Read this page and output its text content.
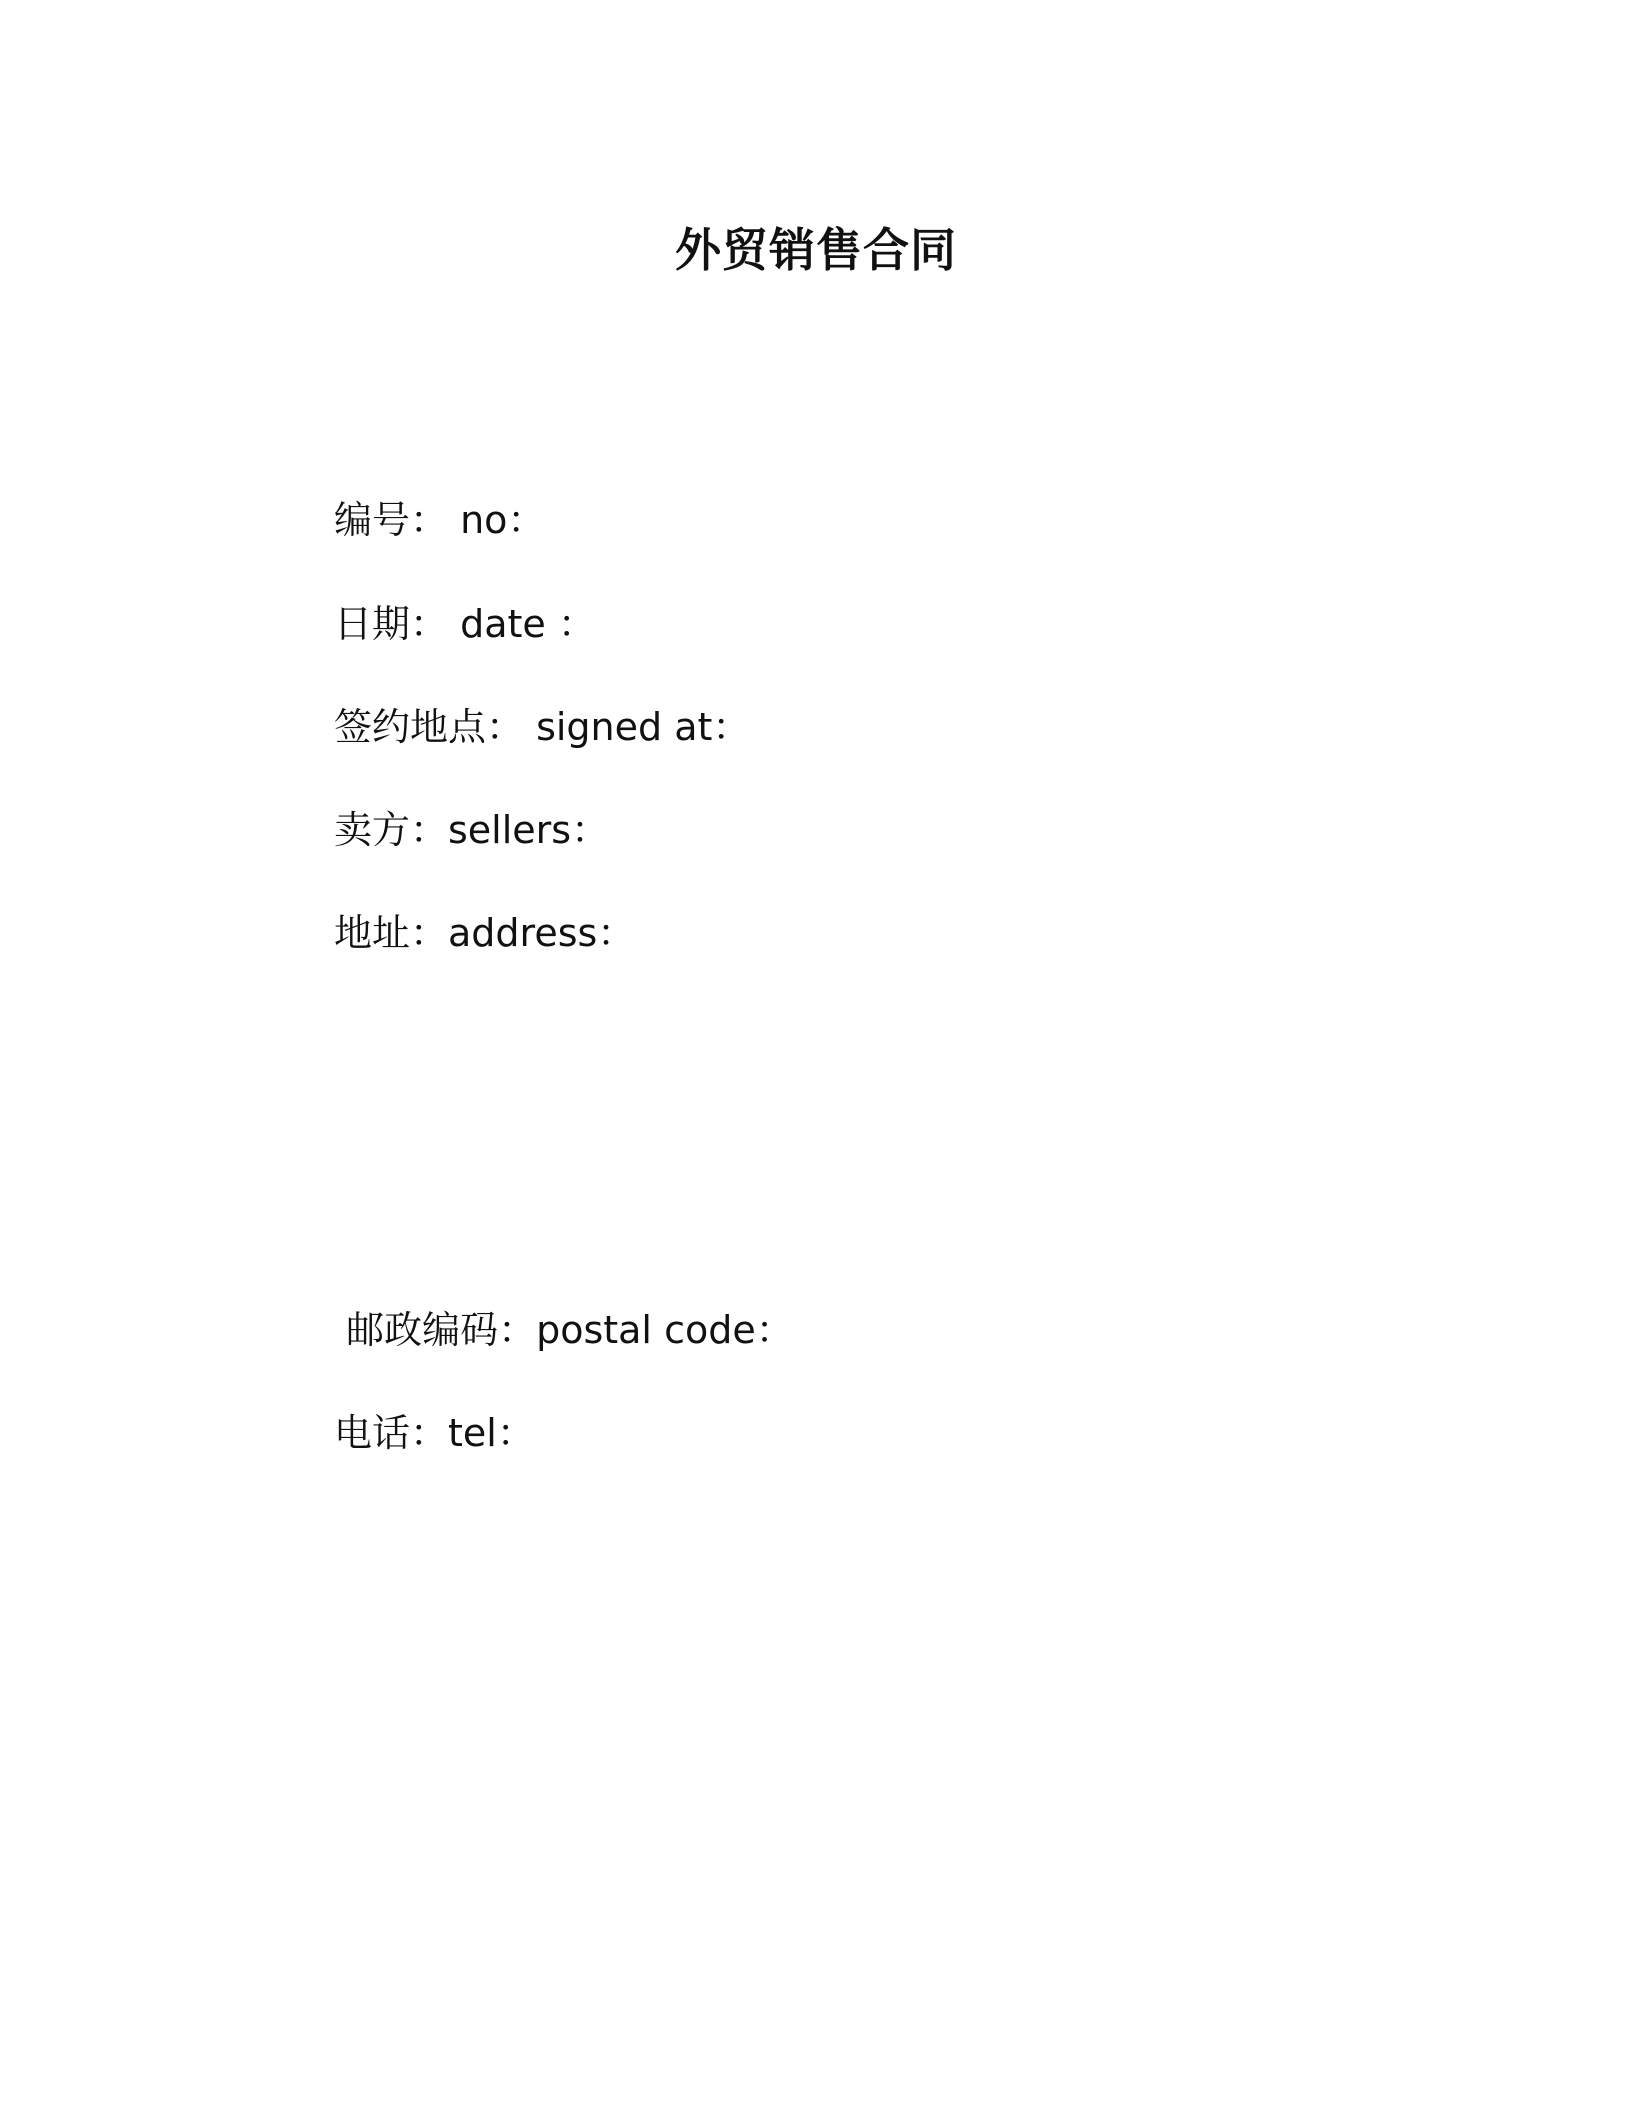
外贸销售合同
编号： no：
日期： date ：
签约地点： signed at：
卖方：sellers：
地址：address：
邮政编码：postal code：
电话：tel：
